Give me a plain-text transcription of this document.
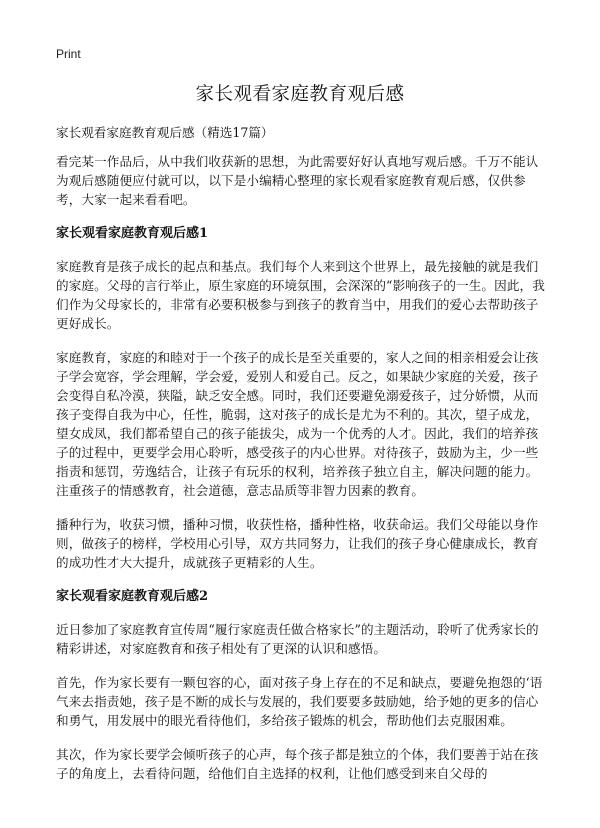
Print
家长观看家庭教育观后感
家长观看家庭教育观后感（精选17篇）

看完某一作品后，从中我们收获新的思想，为此需要好好认真地写观后感。千万不能认为观后感随便应付就可以，以下是小编精心整理的家长观看家庭教育观后感，仅供参考，大家一起来看看吧。

家长观看家庭教育观后感1

家庭教育是孩子成长的起点和基点。我们每个人来到这个世界上，最先接触的就是我们的家庭。父母的言行举止，原生家庭的环境氛围，会深深的“影响孩子的一生。因此，我们作为父母家长的，非常有必要积极参与到孩子的教育当中，用我们的爱心去帮助孩子更好成长。

家庭教育，家庭的和睦对于一个孩子的成长是至关重要的，家人之间的相亲相爱会让孩子学会宽容，学会理解，学会爱，爱别人和爱自己。反之，如果缺少家庭的关爱，孩子会变得自私冷漠，狭隘，缺乏安全感。同时，我们还要避免溺爱孩子，过分娇惯，从而孩子变得自我为中心，任性，脆弱，这对孩子的成长是尤为不利的。其次，望子成龙，望女成凤，我们都希望自己的孩子能拔尖，成为一个优秀的人才。因此，我们的培养孩子的过程中，更要学会用心聆听，感受孩子的内心世界。对待孩子，鼓励为主，少一些指责和惩罚，劳逸结合，让孩子有玩乐的权利，培养孩子独立自主，解决问题的能力。注重孩子的情感教育，社会道德，意志品质等非智力因素的教育。

播种行为，收获习惯，播种习惯，收获性格，播种性格，收获命运。我们父母能以身作则，做孩子的榜样，学校用心引导，双方共同努力，让我们的孩子身心健康成长，教育的成功性才大大提升，成就孩子更精彩的人生。

家长观看家庭教育观后感2

近日参加了家庭教育宣传周“履行家庭责任做合格家长”的主题活动，聆听了优秀家长的精彩讲述，对家庭教育和孩子相处有了更深的认识和感悟。

首先，作为家长要有一颗包容的心，面对孩子身上存在的不足和缺点，要避免抱怨的‘语气来去指责她，孩子是不断的成长与发展的，我们要要多鼓励她，给予她的更多的信心和勇气，用发展中的眼光看待他们，多给孩子锻炼的机会，帮助他们去克服困难。

其次，作为家长要学会倾听孩子的心声，每个孩子都是独立的个体，我们要善于站在孩子的角度上，去看待问题，给他们自主选择的权利，让他们感受到来自父母的
